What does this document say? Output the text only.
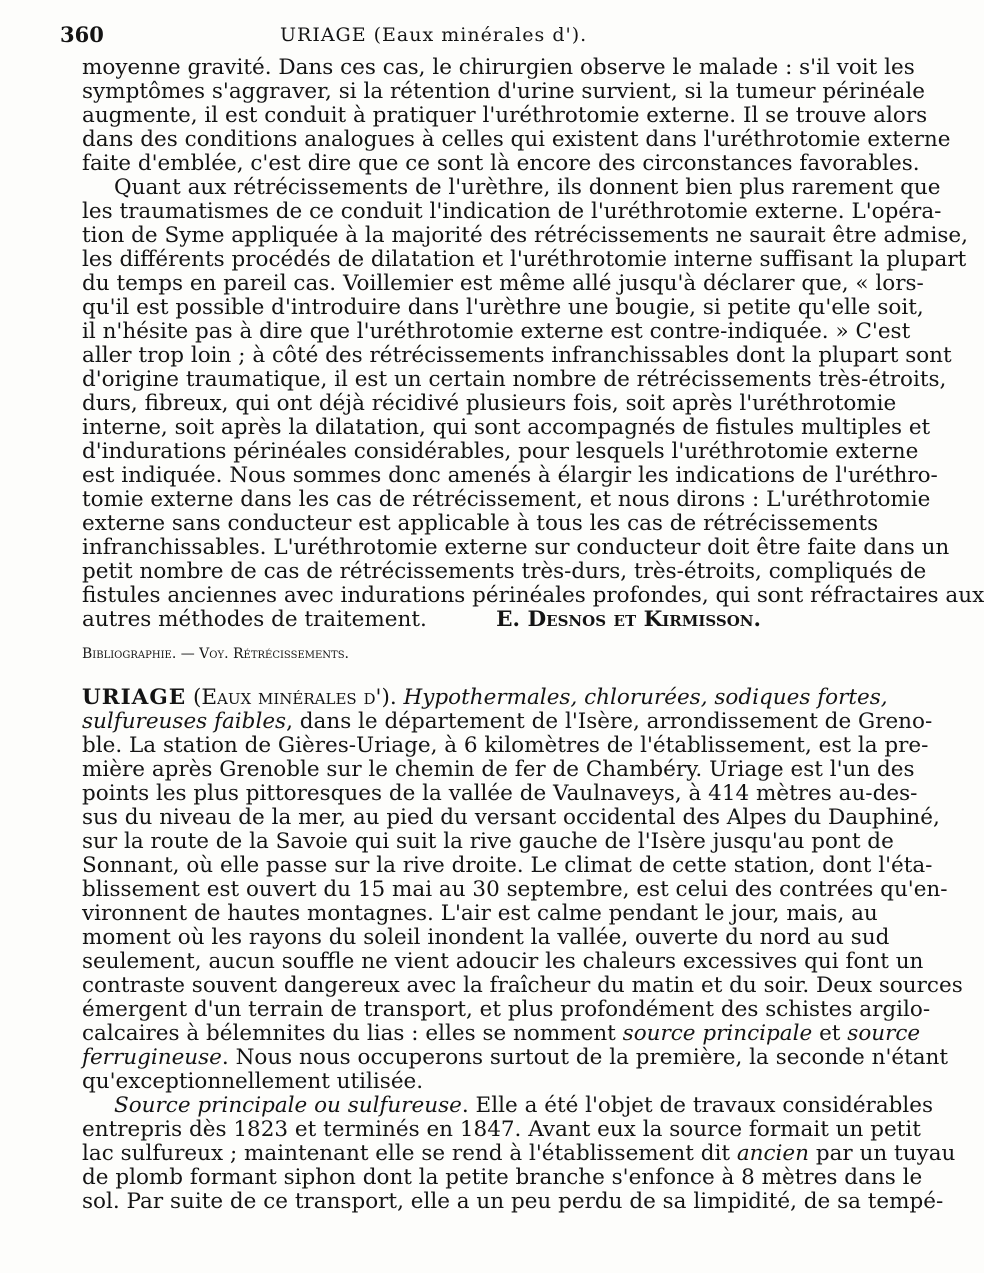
360	URIAGE (Eaux minérales d').
moyenne gravité. Dans ces cas, le chirurgien observe le malade : s'il voit les
symptômes s'aggraver, si la rétention d'urine survient, si la tumeur périnéale
augmente, il est conduit à pratiquer l'uréthrotomie externe. Il se trouve alors
dans des conditions analogues à celles qui existent dans l'uréthrotomie externe
faite d'emblée, c'est dire que ce sont là encore des circonstances favorables.
Quant aux rétrécissements de l'urèthre, ils donnent bien plus rarement que
les traumatismes de ce conduit l'indication de l'uréthrotomie externe. L'opéra-
tion de Syme appliquée à la majorité des rétrécissements ne saurait être admise,
les différents procédés de dilatation et l'uréthrotomie interne suffisant la plupart
du temps en pareil cas. Voillemier est même allé jusqu'à déclarer que, « lors-
qu'il est possible d'introduire dans l'urèthre une bougie, si petite qu'elle soit,
il n'hésite pas à dire que l'uréthrotomie externe est contre-indiquée. » C'est
aller trop loin ; à côté des rétrécissements infranchissables dont la plupart sont
d'origine traumatique, il est un certain nombre de rétrécissements très-étroits,
durs, fibreux, qui ont déjà récidivé plusieurs fois, soit après l'uréthrotomie
interne, soit après la dilatation, qui sont accompagnés de fistules multiples et
d'indurations périnéales considérables, pour lesquels l'uréthrotomie externe
est indiquée. Nous sommes donc amenés à élargir les indications de l'uréthro-
tomie externe dans les cas de rétrécissement, et nous dirons : L'uréthrotomie
externe sans conducteur est applicable à tous les cas de rétrécissements
infranchissables. L'uréthrotomie externe sur conducteur doit être faite dans un
petit nombre de cas de rétrécissements très-durs, très-étroits, compliqués de
fistules anciennes avec indurations périnéales profondes, qui sont réfractaires aux
autres méthodes de traitement.	E. Desnos et Kirmisson.
Bibliographie. — Voy. Rétrécissements.
URIAGE (Eaux minérales d'). Hypothermales, chlorurées, sodiques fortes,
sulfureuses faibles, dans le département de l'Isère, arrondissement de Greno-
ble. La station de Gières-Uriage, à 6 kilomètres de l'établissement, est la pre-
mière après Grenoble sur le chemin de fer de Chambéry. Uriage est l'un des
points les plus pittoresques de la vallée de Vaulnaveys, à 414 mètres au-des-
sus du niveau de la mer, au pied du versant occidental des Alpes du Dauphiné,
sur la route de la Savoie qui suit la rive gauche de l'Isère jusqu'au pont de
Sonnant, où elle passe sur la rive droite. Le climat de cette station, dont l'éta-
blissement est ouvert du 15 mai au 30 septembre, est celui des contrées qu'en-
vironnent de hautes montagnes. L'air est calme pendant le jour, mais, au
moment où les rayons du soleil inondent la vallée, ouverte du nord au sud
seulement, aucun souffle ne vient adoucir les chaleurs excessives qui font un
contraste souvent dangereux avec la fraîcheur du matin et du soir. Deux sources
émergent d'un terrain de transport, et plus profondément des schistes argilo-
calcaires à bélemnites du lias : elles se nomment source principale et source
ferrugineuse. Nous nous occuperons surtout de la première, la seconde n'étant
qu'exceptionnellement utilisée.
Source principale ou sulfureuse. Elle a été l'objet de travaux considérables
entrepris dès 1823 et terminés en 1847. Avant eux la source formait un petit
lac sulfureux ; maintenant elle se rend à l'établissement dit ancien par un tuyau
de plomb formant siphon dont la petite branche s'enfonce à 8 mètres dans le
sol. Par suite de ce transport, elle a un peu perdu de sa limpidité, de sa tempé-
